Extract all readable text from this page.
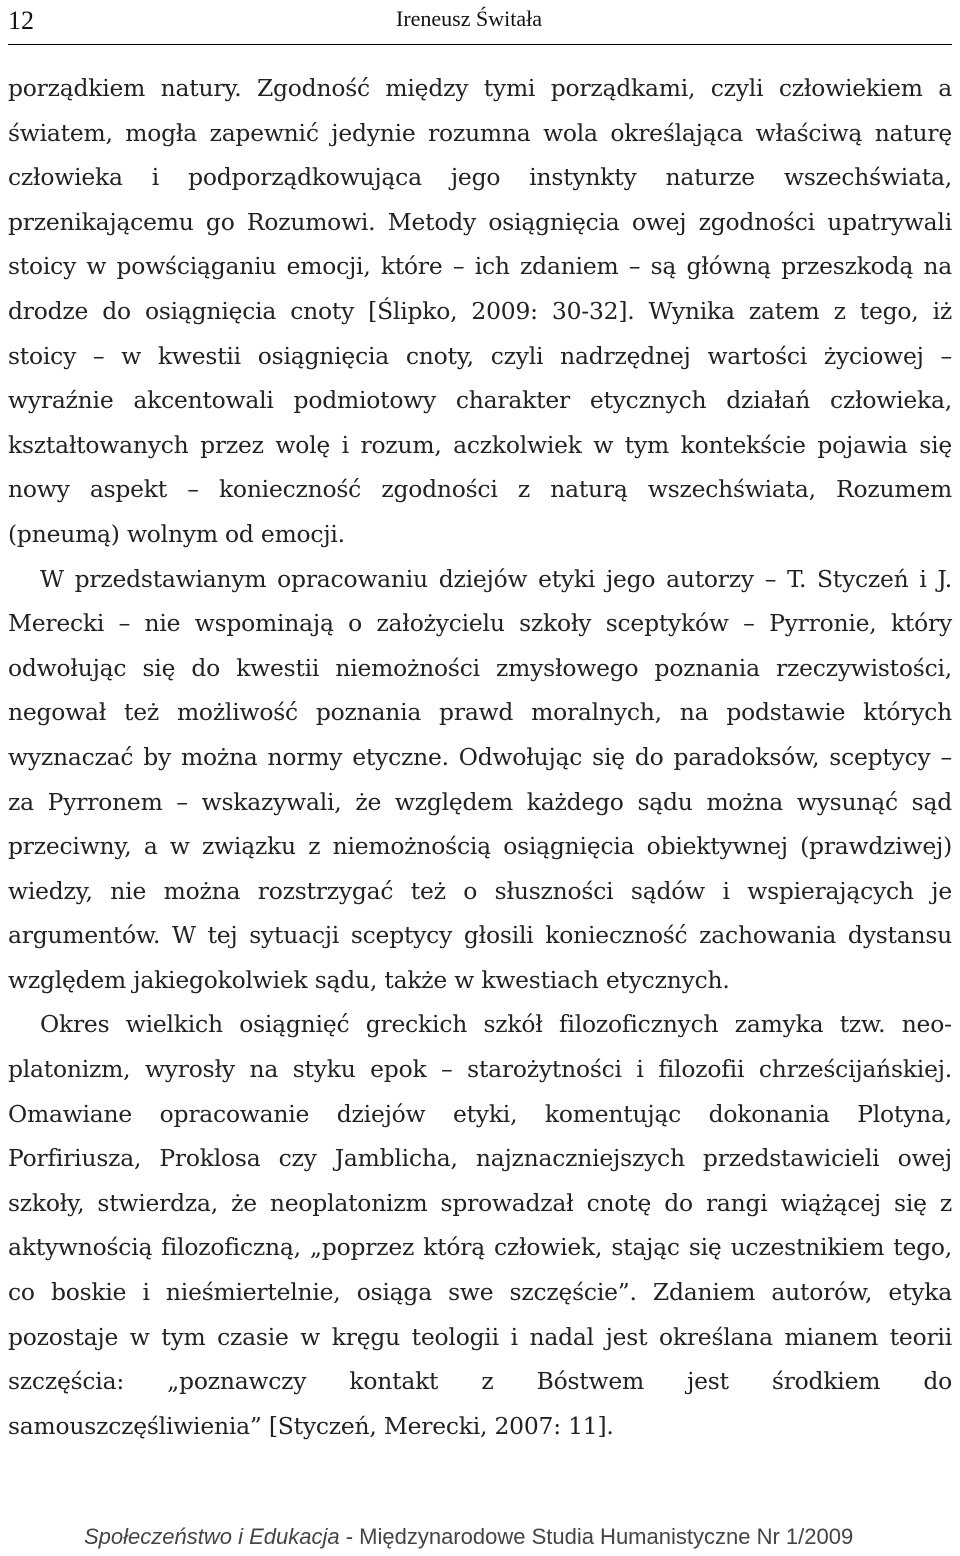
12	Ireneusz Świtała

porządkiem natury. Zgodność między tymi porządkami, czyli człowiekiem a światem, mogła zapewnić jedynie rozumna wola określająca właściwą naturę człowieka i podporządkowująca jego instynkty naturze wszechświata, przenikającemu go Rozumowi. Metody osiągnięcia owej zgodności upatrywali stoicy w powściąganiu emocji, które – ich zdaniem – są główną przeszkodą na drodze do osiągnięcia cnoty [Ślipko, 2009: 30-32]. Wynika zatem z tego, iż stoicy – w kwestii osiągnięcia cnoty, czyli nadrzędnej wartości życiowej – wyraźnie akcentowali podmiotowy charakter etycznych działań człowieka, kształtowanych przez wolę i rozum, aczkolwiek w tym kontekście pojawia się nowy aspekt – konieczność zgodności z naturą wszechświata, Rozumem (pneumą) wolnym od emocji.

W przedstawianym opracowaniu dziejów etyki jego autorzy – T. Styczeń i J. Merecki – nie wspominają o założycielu szkoły sceptyków – Pyrronie, który odwołując się do kwestii niemożności zmysłowego poznania rzeczywistości, negował też możliwość poznania prawd moralnych, na podstawie których wyznaczać by można normy etyczne. Odwołując się do paradoksów, sceptycy – za Pyrronem – wskazywali, że względem każdego sądu można wysunąć sąd przeciwny, a w związku z niemożnością osiągnięcia obiektywnej (prawdziwej) wiedzy, nie można rozstrzygać też o słuszności sądów i wspierających je argumentów. W tej sytuacji sceptycy głosili konieczność zachowania dystansu względem jakiegokolwiek sądu, także w kwestiach etycznych.

Okres wielkich osiągnięć greckich szkół filozoficznych zamyka tzw. neoplatonizm, wyrosły na styku epok – starożytności i filozofii chrześcijańskiej. Omawiane opracowanie dziejów etyki, komentując dokonania Plotyna, Porfiriusza, Proklosa czy Jamblicha, najznaczniejszych przedstawicieli owej szkoły, stwierdza, że neoplatonizm sprowadzał cnotę do rangi wiążącej się z aktywnością filozoficzną, „poprzez którą człowiek, stając się uczestnikiem tego, co boskie i nieśmiertelnie, osiąga swe szczęście”. Zdaniem autorów, etyka pozostaje w tym czasie w kręgu teologii i nadal jest określana mianem teorii szczęścia: „poznawczy kontakt z Bóstwem jest środkiem do samouszczęśliwienia” [Styczeń, Merecki, 2007: 11].

Społeczeństwo i Edukacja - Międzynarodowe Studia Humanistyczne Nr 1/2009
